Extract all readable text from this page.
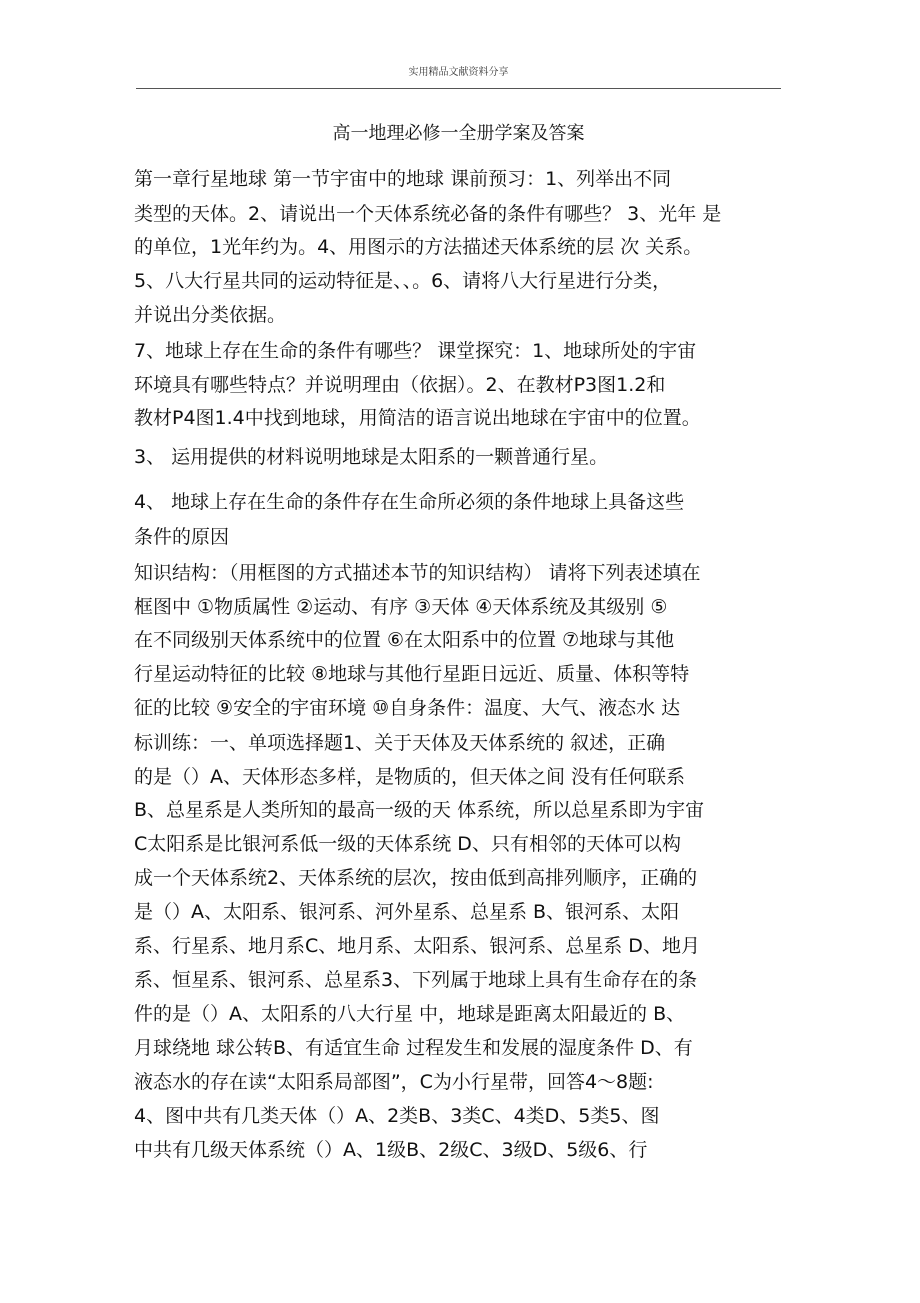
实用精品文献资料分享
高一地理必修一全册学案及答案
第一章行星地球 第一节宇宙中的地球 课前预习：1、列举出不同
类型的天体。2、请说出一个天体系统必备的条件有哪些？ 3、光年 是
的单位，1光年约为。4、用图示的方法描述天体系统的层 次 关系。
5、八大行星共同的运动特征是、、。6、请将八大行星进行分类，
并说出分类依据。
7、地球上存在生命的条件有哪些？ 课堂探究：1、地球所处的宇宙
环境具有哪些特点？并说明理由（依据）。2、在教材P3图1.2和
教材P4图1.4中找到地球，用简洁的语言说出地球在宇宙中的位置。
3、 运用提供的材料说明地球是太阳系的一颗普通行星。
4、 地球上存在生命的条件存在生命所必须的条件地球上具备这些
条件的原因
知识结构：（用框图的方式描述本节的知识结构） 请将下列表述填在
框图中 ①物质属性 ②运动、有序 ③天体 ④天体系统及其级别 ⑤
在不同级别天体系统中的位置 ⑥在太阳系中的位置 ⑦地球与其他
行星运动特征的比较 ⑧地球与其他行星距日远近、质量、体积等特
征的比较 ⑨安全的宇宙环境 ⑩自身条件：温度、大气、液态水 达
标训练：一、单项选择题1、关于天体及天体系统的 叙述，正确
的是（）A、天体形态多样，是物质的，但天体之间 没有任何联系
B、总星系是人类所知的最高一级的天 体系统，所以总星系即为宇宙
C太阳系是比银河系低一级的天体系统 D、只有相邻的天体可以构
成一个天体系统2、天体系统的层次，按由低到高排列顺序，正确的
是（）A、太阳系、银河系、河外星系、总星系 B、银河系、太阳
系、行星系、地月系C、地月系、太阳系、银河系、总星系 D、地月
系、恒星系、银河系、总星系3、下列属于地球上具有生命存在的条
件的是（）A、太阳系的八大行星 中，地球是距离太阳最近的 B、
月球绕地 球公转B、有适宜生命 过程发生和发展的湿度条件 D、有
液态水的存在读“太阳系局部图”，C为小行星带，回答4～8题:
4、图中共有几类天体（）A、2类B、3类C、4类D、5类5、图
中共有几级天体系统（）A、1级B、2级C、3级D、5级6、行
